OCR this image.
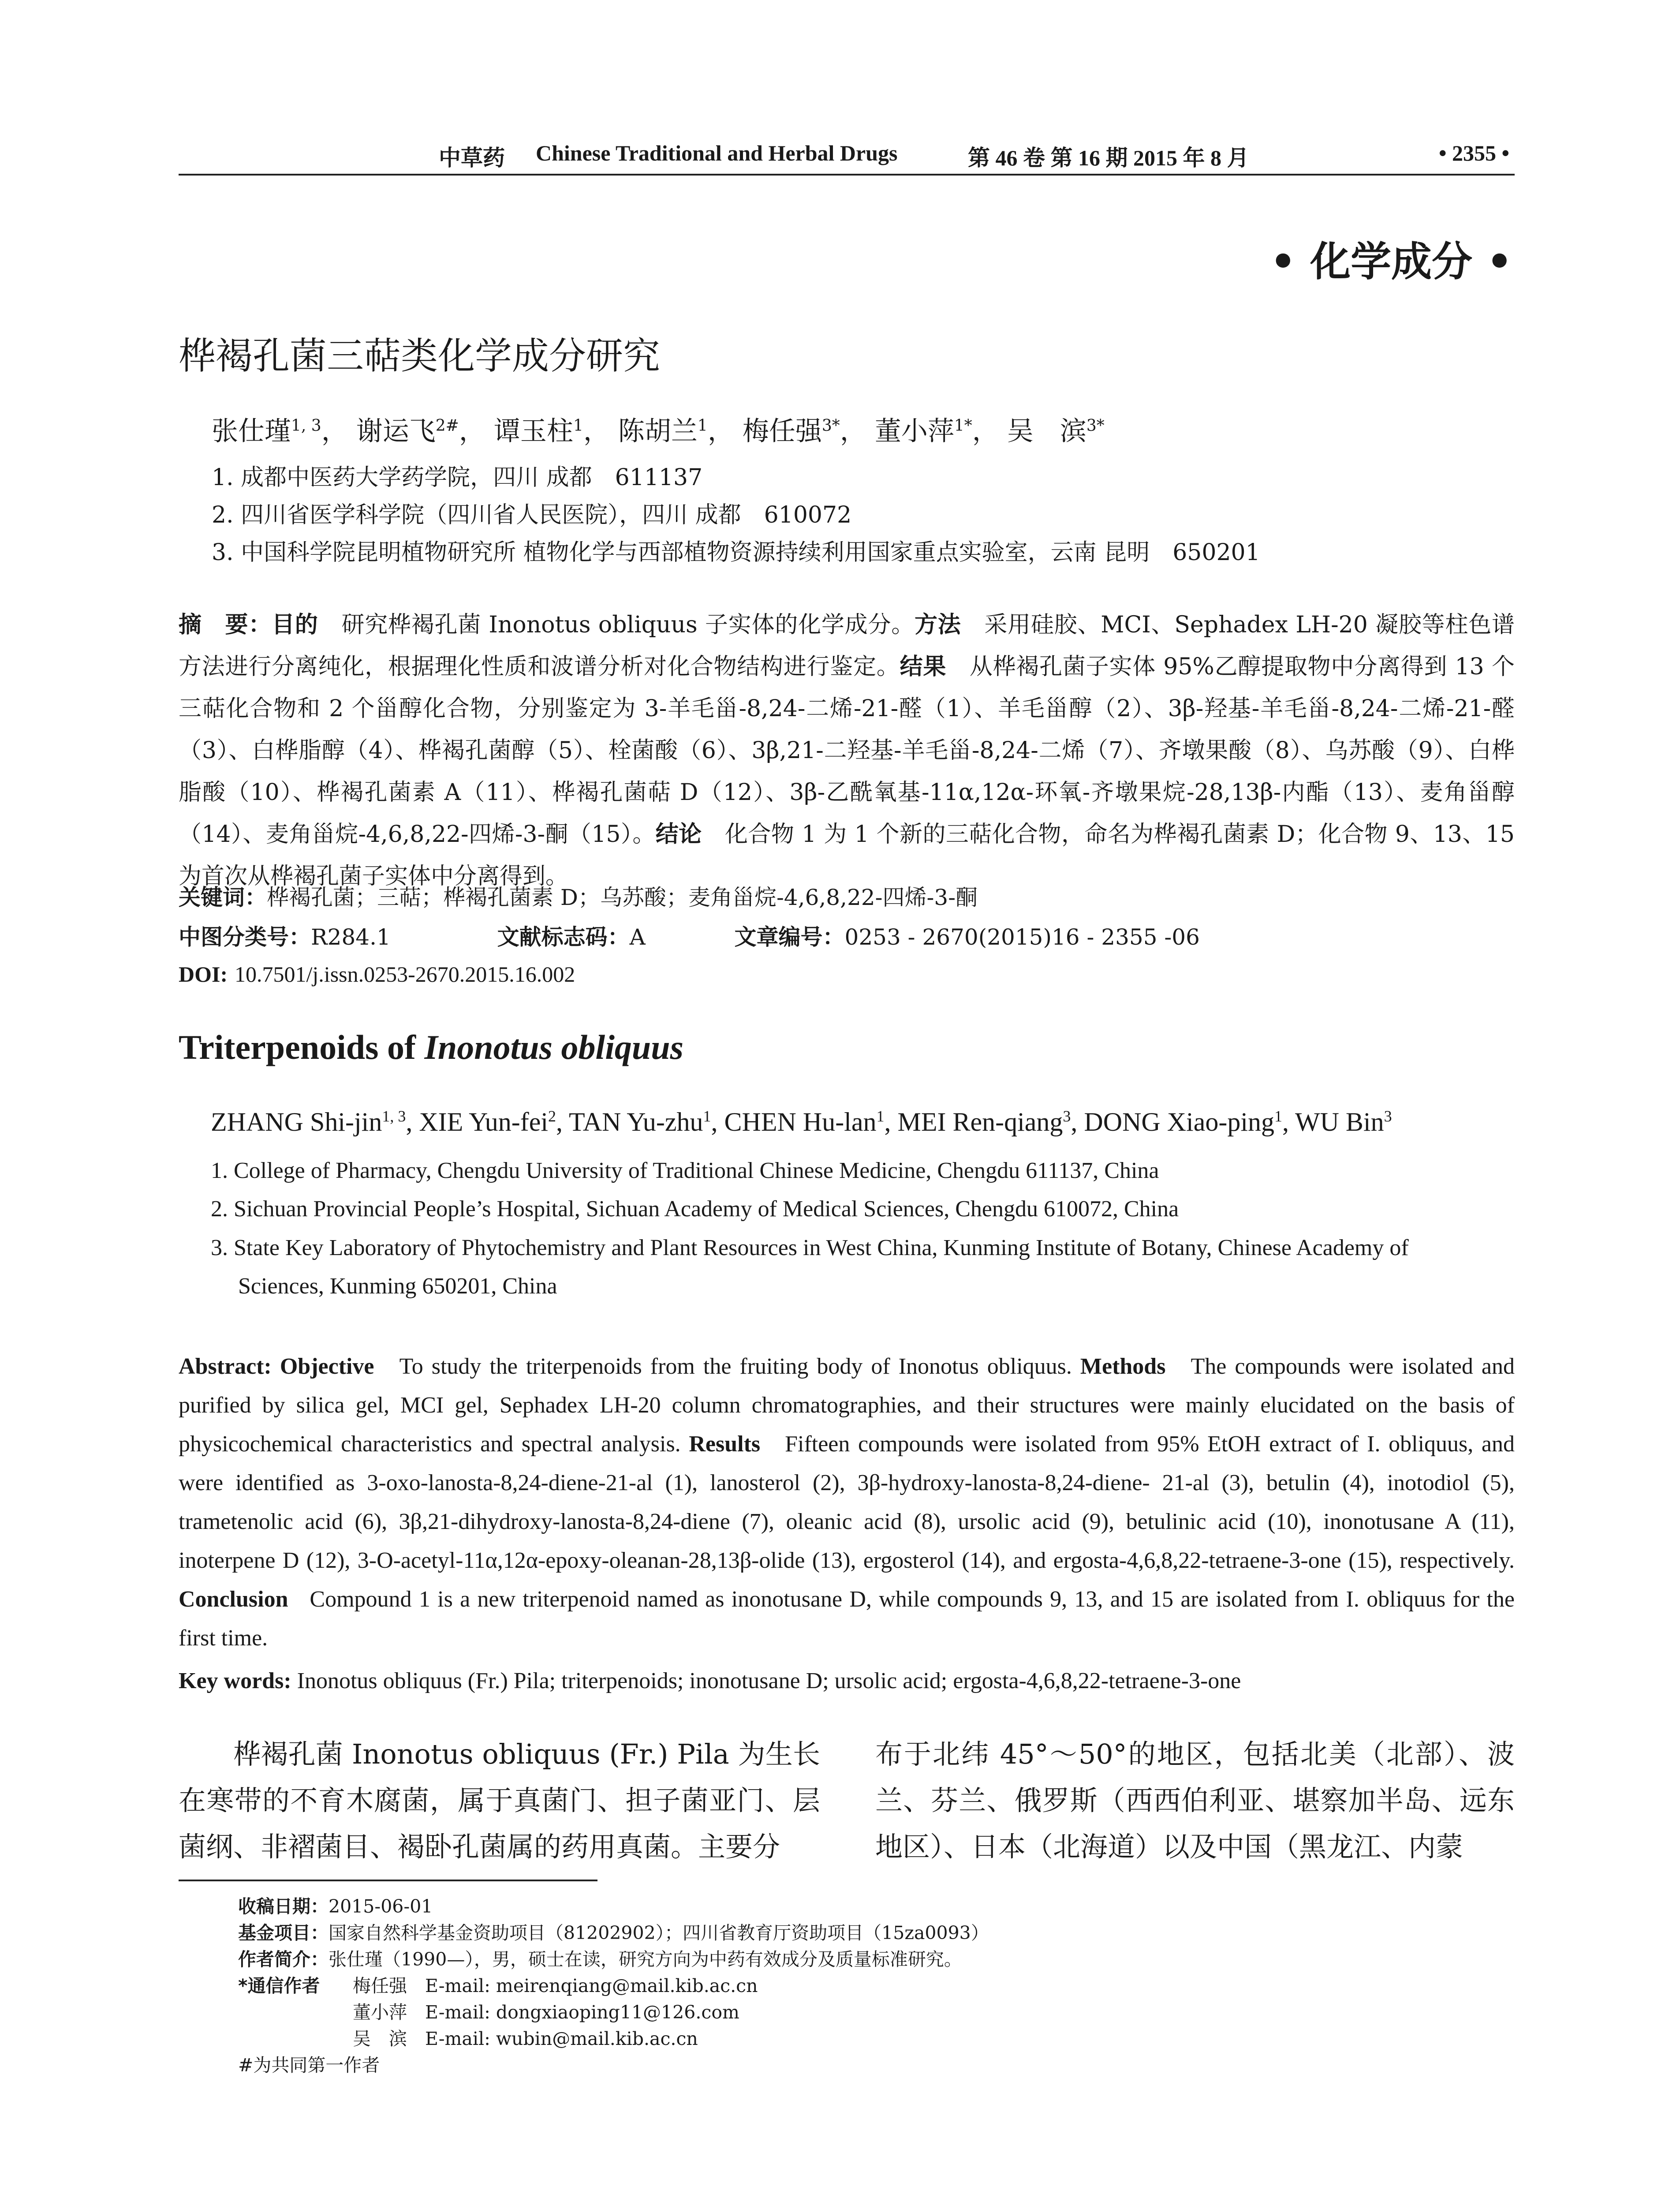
中草药 Chinese Traditional and Herbal Drugs	第 46 卷 第 16 期 2015 年 8 月	• 2355 •
• 化学成分 •
桦褐孔菌三萜类化学成分研究
张仕瑾$^{1, 3}$， 谢运飞$^{2\#}$， 谭玉柱$^1$， 陈胡兰$^1$， 梅任强$^{3*}$， 董小萍$^{1*}$， 吴　滨$^{3*}$
1. 成都中医药大学药学院，四川 成都　611137
2. 四川省医学科学院（四川省人民医院），四川 成都　610072
3. 中国科学院昆明植物研究所 植物化学与西部植物资源持续利用国家重点实验室，云南 昆明　650201
摘　要：目的　 研究桦褐孔菌 Inonotus obliquus 子实体的化学成分。方法　 采用硅胶、MCI、Sephadex LH-20 凝胶等柱色谱方法进行分离纯化，根据理化性质和波谱分析对化合物结构进行鉴定。结果　 从桦褐孔菌子实体 95%乙醇提取物中分离得到 13 个三萜化合物和 2 个甾醇化合物，分别鉴定为 3-羊毛甾-8,24-二烯-21-醛（1）、羊毛甾醇（2）、3β-羟基-羊毛甾-8,24-二烯-21-醛（3）、白桦脂醇（4）、桦褐孔菌醇（5）、栓菌酸（6）、3β,21-二羟基-羊毛甾-8,24-二烯（7）、齐墩果酸（8）、乌苏酸（9）、白桦脂酸（10）、桦褐孔菌素 A（11）、桦褐孔菌萜 D（12）、3β-乙酰氧基-11α,12α-环氧-齐墩果烷-28,13β-内酯（13）、麦角甾醇（14）、麦角甾烷-4,6,8,22-四烯-3-酮（15）。结论　 化合物 1 为 1 个新的三萜化合物，命名为桦褐孔菌素 D；化合物 9、13、15 为首次从桦褐孔菌子实体中分离得到。
关键词：桦褐孔菌；三萜；桦褐孔菌素 D；乌苏酸；麦角甾烷-4,6,8,22-四烯-3-酮
中图分类号：R284.1	文献标志码：A	文章编号：0253 - 2670(2015)16 - 2355 -06
DOI: 10.7501/j.issn.0253-2670.2015.16.002
Triterpenoids of Inonotus obliquus
ZHANG Shi-jin$^{1, 3}$, XIE Yun-fei$^2$, TAN Yu-zhu$^1$, CHEN Hu-lan$^1$, MEI Ren-qiang$^3$, DONG Xiao-ping$^1$, WU Bin$^3$
1. College of Pharmacy, Chengdu University of Traditional Chinese Medicine, Chengdu 611137, China
2. Sichuan Provincial People’s Hospital, Sichuan Academy of Medical Sciences, Chengdu 610072, China
3. State Key Laboratory of Phytochemistry and Plant Resources in West China, Kunming Institute of Botany, Chinese Academy of
Sciences, Kunming 650201, China
Abstract: Objective To study the triterpenoids from the fruiting body of Inonotus obliquus. Methods The compounds were isolated and purified by silica gel, MCI gel, Sephadex LH-20 column chromatographies, and their structures were mainly elucidated on the basis of physicochemical characteristics and spectral analysis. Results Fifteen compounds were isolated from 95% EtOH extract of I. obliquus, and were identified as 3-oxo-lanosta-8,24-diene-21-al (1), lanosterol (2), 3β-hydroxy-lanosta-8,24-diene- 21-al (3), betulin (4), inotodiol (5), trametenolic acid (6), 3β,21-dihydroxy-lanosta-8,24-diene (7), oleanic acid (8), ursolic acid (9), betulinic acid (10), inonotusane A (11), inoterpene D (12), 3-O-acetyl-11α,12α-epoxy-oleanan-28,13β-olide (13), ergosterol (14), and ergosta-4,6,8,22-tetraene-3-one (15), respectively. Conclusion Compound 1 is a new triterpenoid named as inonotusane D, while compounds 9, 13, and 15 are isolated from I. obliquus for the first time.
Key words: Inonotus obliquus (Fr.) Pila; triterpenoids; inonotusane D; ursolic acid; ergosta-4,6,8,22-tetraene-3-one
桦褐孔菌 Inonotus obliquus (Fr.) Pila 为生长在寒带的不育木腐菌，属于真菌门、担子菌亚门、层菌纲、非褶菌目、褐卧孔菌属的药用真菌。主要分
布于北纬 45°～50°的地区，包括北美（北部）、波兰、芬兰、俄罗斯（西西伯利亚、堪察加半岛、远东地区）、日本（北海道）以及中国（黑龙江、内蒙
收稿日期：2015-06-01
基金项目：国家自然科学基金资助项目（81202902）；四川省教育厅资助项目（15za0093）
作者简介：张仕瑾（1990—），男，硕士在读，研究方向为中药有效成分及质量标准研究。
*通信作者 梅任强　E-mail: meirenqiang@mail.kib.ac.cn
董小萍　E-mail: dongxiaoping11@126.com
吴　滨　E-mail: wubin@mail.kib.ac.cn
#为共同第一作者
